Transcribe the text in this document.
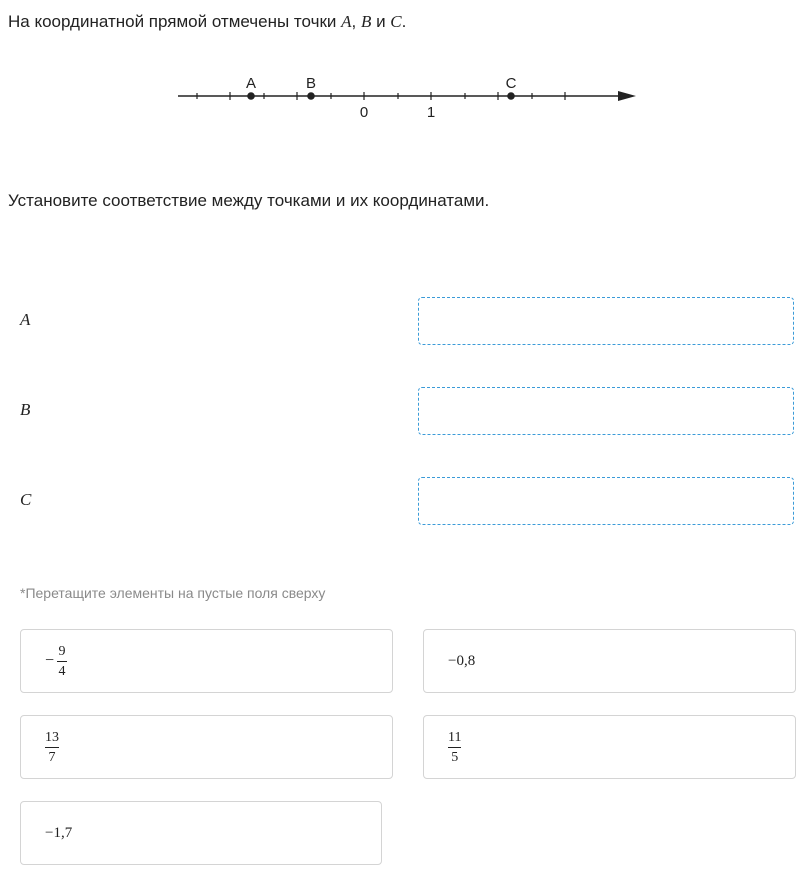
На координатной прямой отмечены точки A, B и C.
A	B	C
0	1
Установите соответствие между точками и их координатами.
A
B
C
*Перетащите элементы на пустые поля сверху
− $\frac{9}{4}$	−0,8
$\frac{13}{7}$	$\frac{11}{5}$
−1,7
